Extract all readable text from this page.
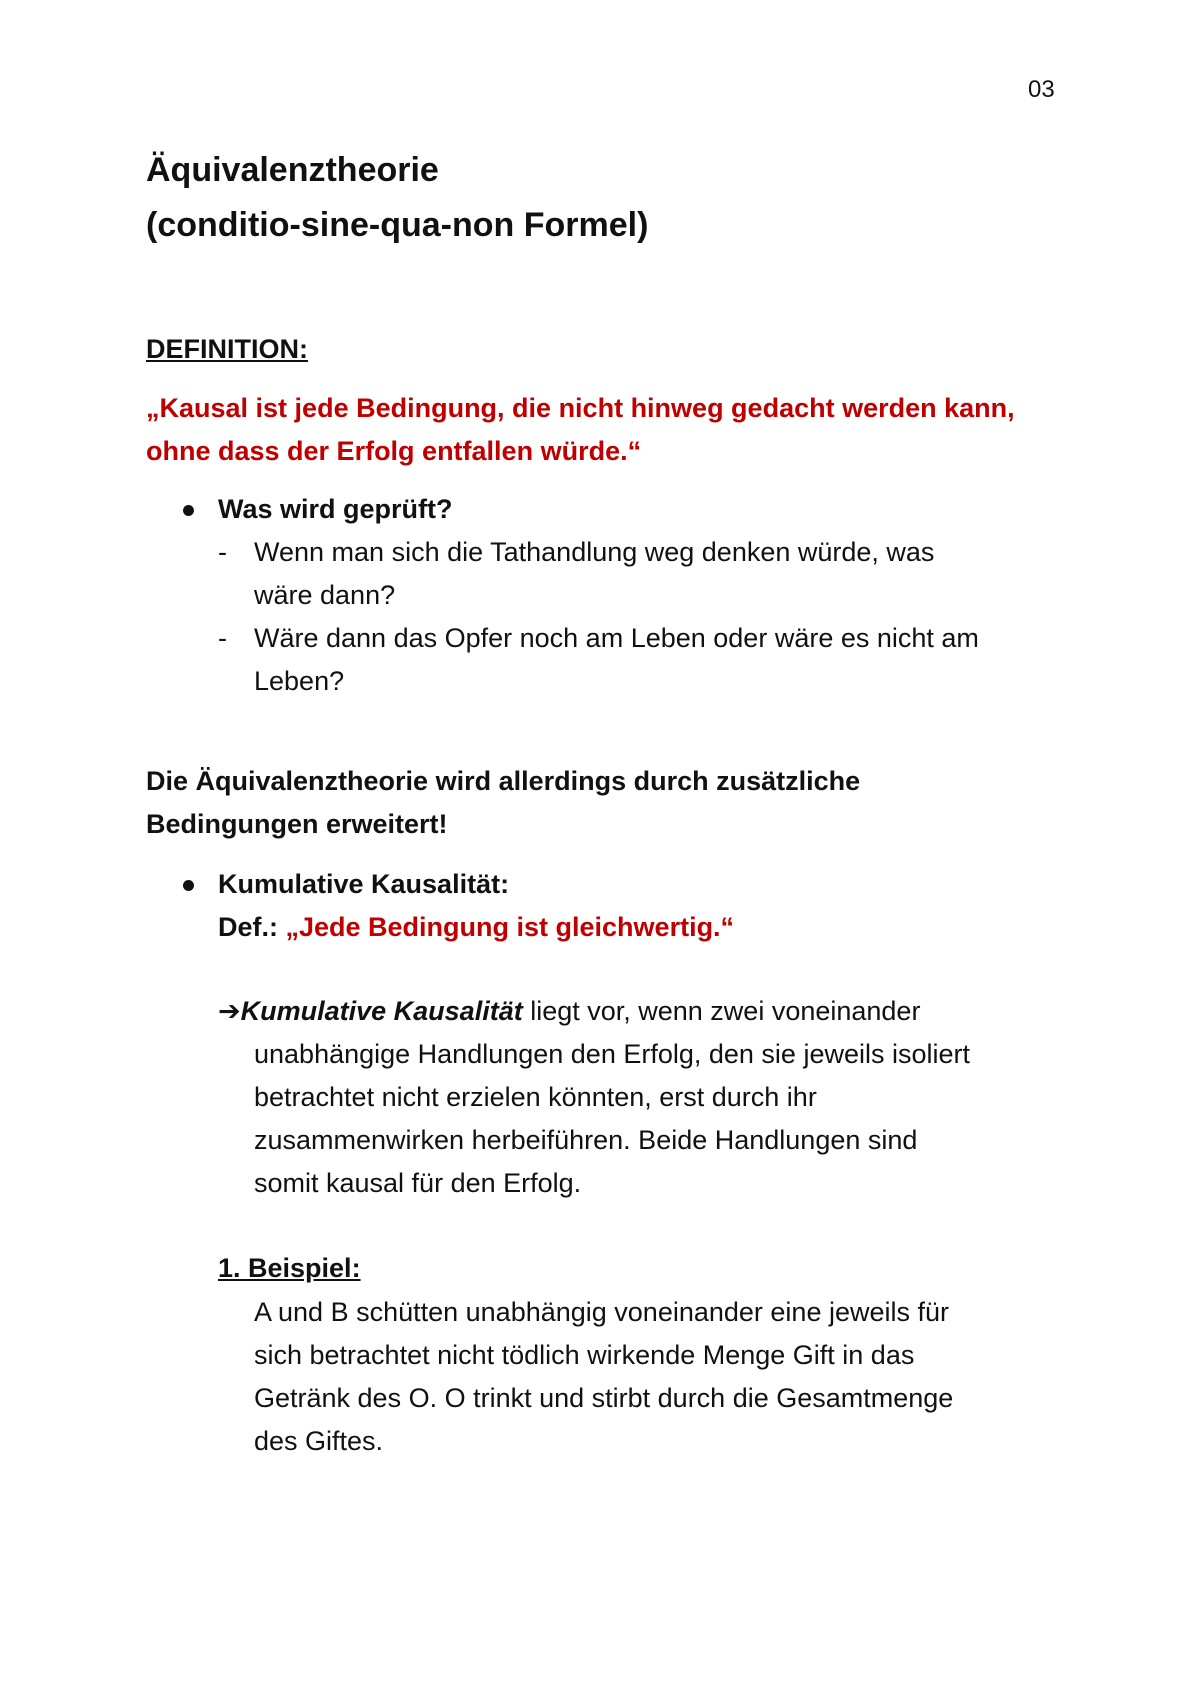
03
Äquivalenztheorie
(conditio-sine-qua-non Formel)
DEFINITION:
„Kausal ist jede Bedingung, die nicht hinweg gedacht werden kann,
ohne dass der Erfolg entfallen würde.“
Was wird geprüft?
- Wenn man sich die Tathandlung weg denken würde, was
wäre dann?
- Wäre dann das Opfer noch am Leben oder wäre es nicht am
Leben?
Die Äquivalenztheorie wird allerdings durch zusätzliche
Bedingungen erweitert!
Kumulative Kausalität:
Def.: „Jede Bedingung ist gleichwertig.“
➔Kumulative Kausalität liegt vor, wenn zwei voneinander
unabhängige Handlungen den Erfolg, den sie jeweils isoliert
betrachtet nicht erzielen könnten, erst durch ihr
zusammenwirken herbeiführen. Beide Handlungen sind
somit kausal für den Erfolg.
1. Beispiel:
A und B schütten unabhängig voneinander eine jeweils für
sich betrachtet nicht tödlich wirkende Menge Gift in das
Getränk des O. O trinkt und stirbt durch die Gesamtmenge
des Giftes.
